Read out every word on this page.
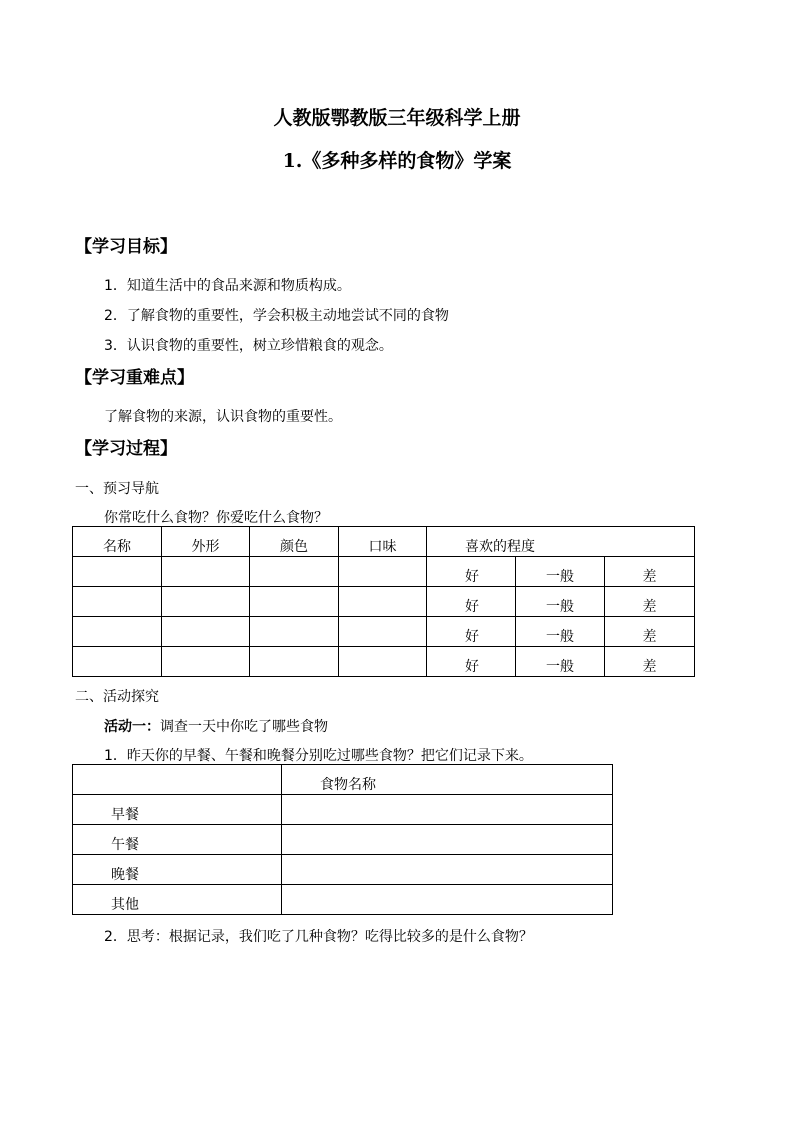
人教版鄂教版三年级科学上册
1.《多种多样的食物》学案
【学习目标】
1．知道生活中的食品来源和物质构成。
2．了解食物的重要性，学会积极主动地尝试不同的食物
3．认识食物的重要性，树立珍惜粮食的观念。
【学习重难点】
了解食物的来源，认识食物的重要性。
【学习过程】
一、预习导航
你常吃什么食物？你爱吃什么食物？
名称	外形	颜色	口味	喜欢的程度		
				好	一般	差
				好	一般	差
				好	一般	差
				好	一般	差
二、活动探究
活动一：调查一天中你吃了哪些食物
1．昨天你的早餐、午餐和晚餐分别吃过哪些食物？把它们记录下来。
	食物名称
早餐	
午餐	
晚餐	
其他	
2．思考：根据记录，我们吃了几种食物？吃得比较多的是什么食物？
